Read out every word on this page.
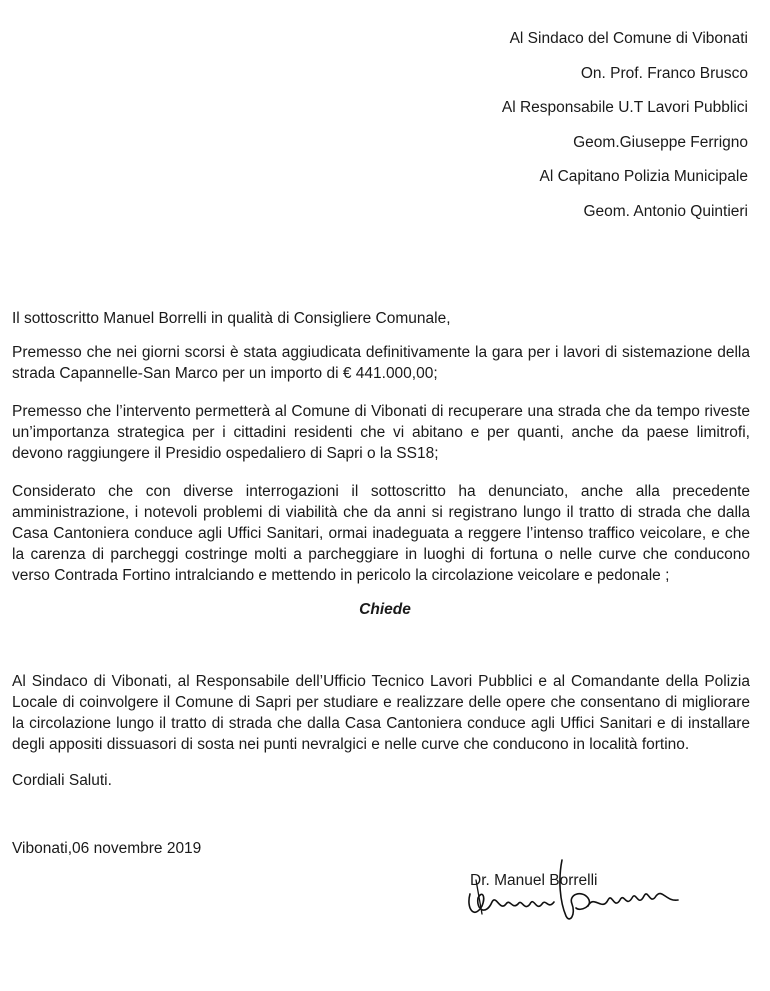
Al Sindaco del Comune di Vibonati
On. Prof. Franco Brusco
Al Responsabile U.T Lavori Pubblici
Geom.Giuseppe Ferrigno
Al Capitano Polizia Municipale
Geom. Antonio Quintieri
Il sottoscritto Manuel Borrelli in qualità di Consigliere Comunale,
Premesso che nei giorni scorsi è stata aggiudicata definitivamente la gara per i lavori di sistemazione della strada Capannelle-San Marco per un importo di € 441.000,00;
Premesso che l’intervento permetterà al Comune di Vibonati di recuperare una strada che da tempo riveste un’importanza strategica per i cittadini residenti che vi abitano e per quanti, anche da paese limitrofi, devono raggiungere il Presidio ospedaliero di Sapri o la SS18;
Considerato che con diverse interrogazioni il sottoscritto ha denunciato, anche alla precedente amministrazione, i notevoli problemi di viabilità che da anni si registrano lungo il tratto di strada che dalla Casa Cantoniera conduce agli Uffici Sanitari, ormai inadeguata a reggere l’intenso traffico veicolare, e che la carenza di parcheggi costringe molti a parcheggiare in luoghi di fortuna o nelle curve che conducono verso Contrada Fortino intralciando e mettendo in pericolo la circolazione veicolare e pedonale ;
Chiede
Al Sindaco di Vibonati, al Responsabile dell’Ufficio Tecnico Lavori Pubblici e al Comandante della Polizia Locale di coinvolgere il Comune di Sapri per studiare e realizzare delle opere che consentano di migliorare la circolazione lungo il tratto di strada che dalla Casa Cantoniera conduce agli Uffici Sanitari e di installare degli appositi dissuasori di sosta nei punti nevralgici e nelle curve che conducono in località fortino.
Cordiali Saluti.
Vibonati,06 novembre 2019
Dr. Manuel Borrelli
